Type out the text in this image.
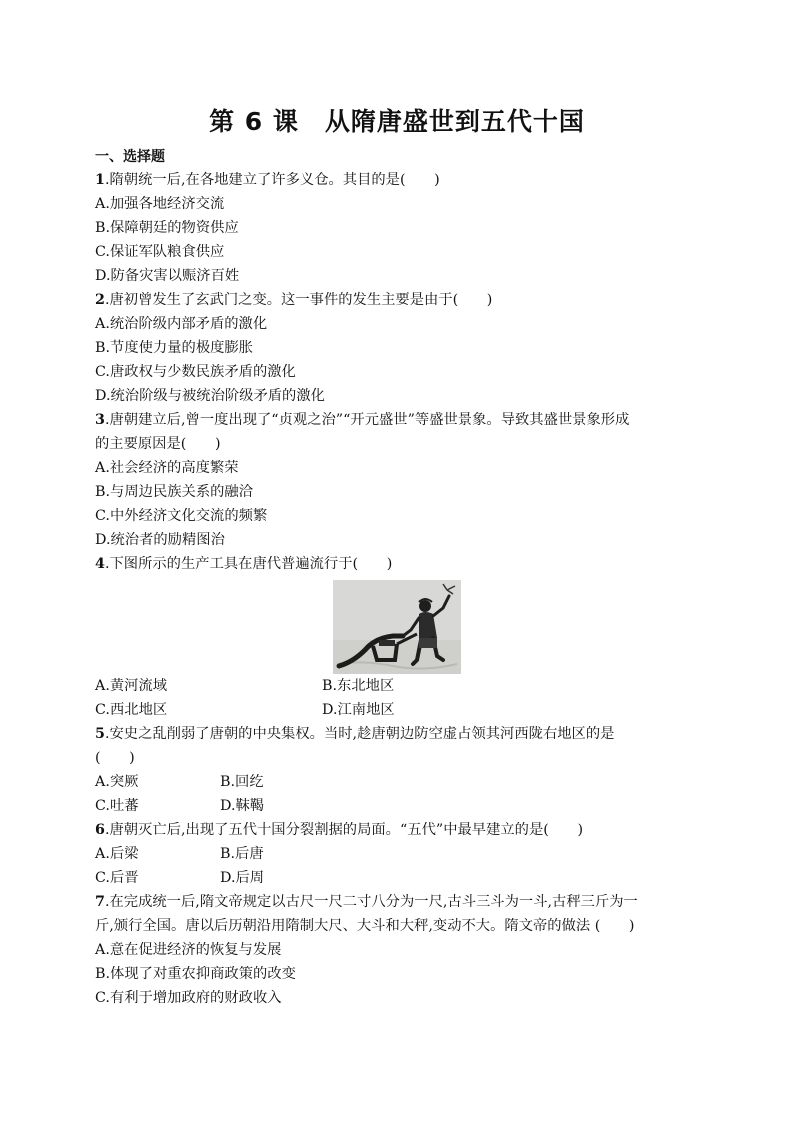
第 6 课　从隋唐盛世到五代十国
一、选择题
1.隋朝统一后,在各地建立了许多义仓。其目的是(　　)
A.加强各地经济交流
B.保障朝廷的物资供应
C.保证军队粮食供应
D.防备灾害以赈济百姓
2.唐初曾发生了玄武门之变。这一事件的发生主要是由于(　　)
A.统治阶级内部矛盾的激化
B.节度使力量的极度膨胀
C.唐政权与少数民族矛盾的激化
D.统治阶级与被统治阶级矛盾的激化
3.唐朝建立后,曾一度出现了“贞观之治”“开元盛世”等盛世景象。导致其盛世景象形成
的主要原因是(　　)
A.社会经济的高度繁荣
B.与周边民族关系的融洽
C.中外经济文化交流的频繁
D.统治者的励精图治
4.下图所示的生产工具在唐代普遍流行于(　　)
A.黄河流域	B.东北地区
C.西北地区	D.江南地区
5.安史之乱削弱了唐朝的中央集权。当时,趁唐朝边防空虚占领其河西陇右地区的是
(　　)
A.突厥	B.回纥
C.吐蕃	D.靺鞨
6.唐朝灭亡后,出现了五代十国分裂割据的局面。“五代”中最早建立的是(　　)
A.后梁	B.后唐
C.后晋	D.后周
7.在完成统一后,隋文帝规定以古尺一尺二寸八分为一尺,古斗三斗为一斗,古秤三斤为一
斤,颁行全国。唐以后历朝沿用隋制大尺、大斗和大秤,变动不大。隋文帝的做法 (　　)
A.意在促进经济的恢复与发展
B.体现了对重农抑商政策的改变
C.有利于增加政府的财政收入
